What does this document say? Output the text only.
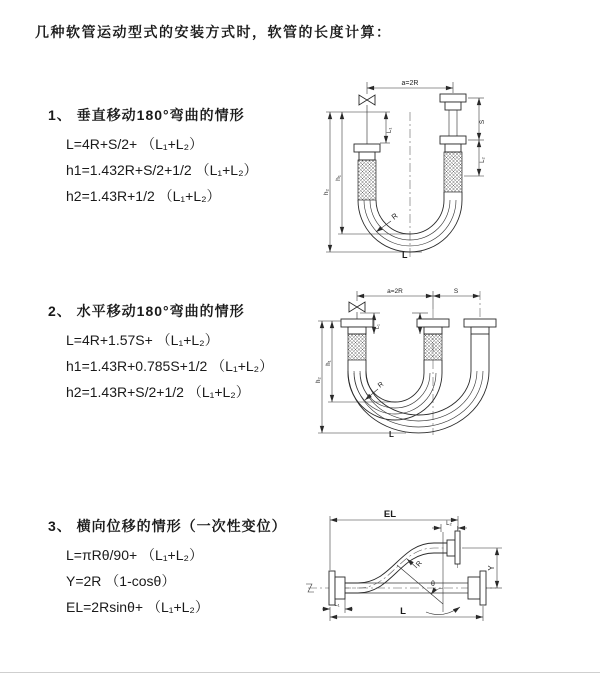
几种软管运动型式的安装方式时，软管的长度计算：
1、 垂直移动180°弯曲的情形
L=4R+S/2+ （L₁+L₂）
h1=1.432R+S/2+1/2 （L₁+L₂）
h2=1.43R+1/2 （L₁+L₂）
2、 水平移动180°弯曲的情形
L=4R+1.57S+ （L₁+L₂）
h1=1.43R+0.785S+1/2 （L₁+L₂）
h2=1.43R+S/2+1/2 （L₁+L₂）
3、 横向位移的情形（一次性变位）
L=πRθ/90+ （L₁+L₂）
Y=2R （1-cosθ）
EL=2Rsinθ+ （L₁+L₂）
a=2R
L₁
h₁
h₂
S
L₂
R
L
a=2R	S
L₁
h₁
h₂
R
L
EL
L₂
Y
R
θ
L
L₁
